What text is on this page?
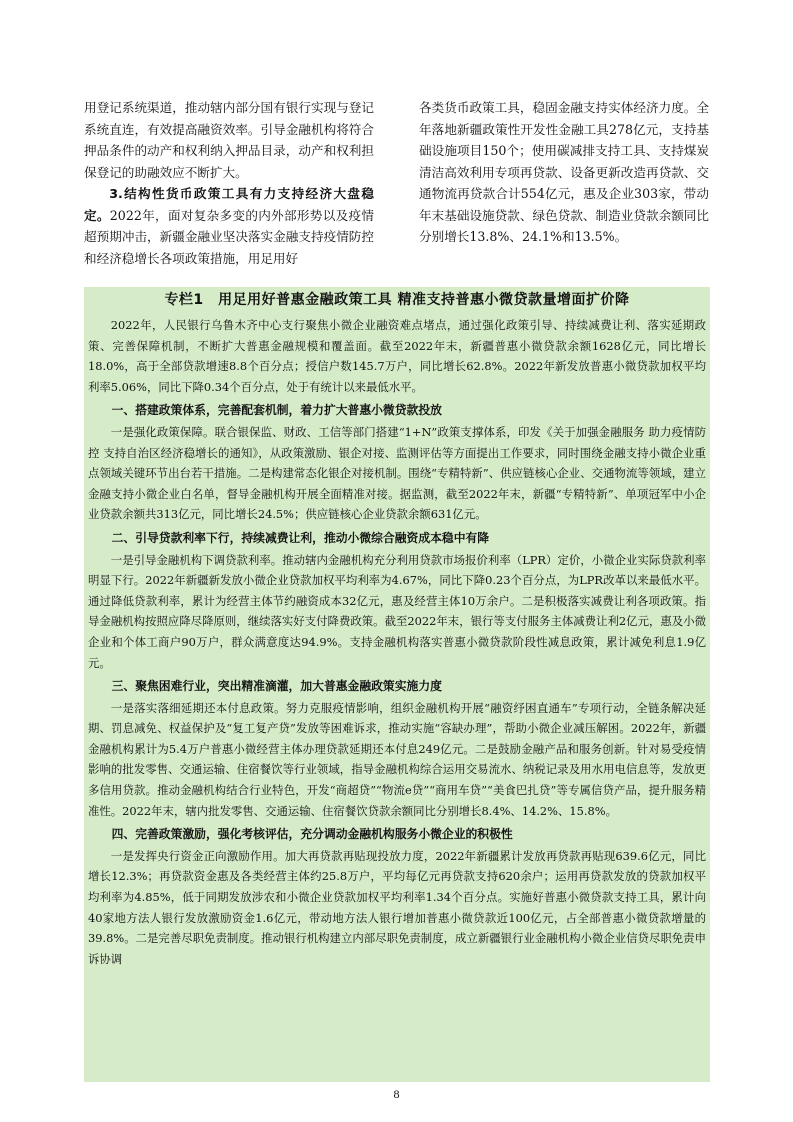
用登记系统渠道，推动辖内部分国有银行实现与登记系统直连，有效提高融资效率。引导金融机构将符合押品条件的动产和权利纳入押品目录，动产和权利担保登记的助融效应不断扩大。

3.结构性货币政策工具有力支持经济大盘稳定。2022年，面对复杂多变的内外部形势以及疫情超预期冲击，新疆金融业坚决落实金融支持疫情防控和经济稳增长各项政策措施，用足用好

各类货币政策工具，稳固金融支持实体经济力度。全年落地新疆政策性开发性金融工具278亿元，支持基础设施项目150个；使用碳减排支持工具、支持煤炭清洁高效利用专项再贷款、设备更新改造再贷款、交通物流再贷款合计554亿元，惠及企业303家，带动年末基础设施贷款、绿色贷款、制造业贷款余额同比分别增长13.8%、24.1%和13.5%。

专栏1　用足用好普惠金融政策工具 精准支持普惠小微贷款量增面扩价降

2022年，人民银行乌鲁木齐中心支行聚焦小微企业融资难点堵点，通过强化政策引导、持续减费让利、落实延期政策、完善保障机制，不断扩大普惠金融规模和覆盖面。截至2022年末，新疆普惠小微贷款余额1628亿元，同比增长18.0%，高于全部贷款增速8.8个百分点；授信户数145.7万户，同比增长62.8%。2022年新发放普惠小微贷款加权平均利率5.06%，同比下降0.34个百分点，处于有统计以来最低水平。

一、搭建政策体系，完善配套机制，着力扩大普惠小微贷款投放

一是强化政策保障。联合银保监、财政、工信等部门搭建“1+N”政策支撑体系，印发《关于加强金融服务 助力疫情防控 支持自治区经济稳增长的通知》，从政策激励、银企对接、监测评估等方面提出工作要求，同时围绕金融支持小微企业重点领域关键环节出台若干措施。二是构建常态化银企对接机制。围绕“专精特新”、供应链核心企业、交通物流等领域，建立金融支持小微企业白名单，督导金融机构开展全面精准对接。据监测，截至2022年末，新疆“专精特新”、单项冠军中小企业贷款余额共313亿元，同比增长24.5%；供应链核心企业贷款余额631亿元。

二、引导贷款利率下行，持续减费让利，推动小微综合融资成本稳中有降

一是引导金融机构下调贷款利率。推动辖内金融机构充分利用贷款市场报价利率（LPR）定价，小微企业实际贷款利率明显下行。2022年新疆新发放小微企业贷款加权平均利率为4.67%，同比下降0.23个百分点，为LPR改革以来最低水平。通过降低贷款利率，累计为经营主体节约融资成本32亿元，惠及经营主体10万余户。二是积极落实减费让利各项政策。指导金融机构按照应降尽降原则，继续落实好支付降费政策。截至2022年末，银行等支付服务主体减费让利2亿元，惠及小微企业和个体工商户90万户，群众满意度达94.9%。支持金融机构落实普惠小微贷款阶段性减息政策，累计减免利息1.9亿元。

三、聚焦困难行业，突出精准滴灌，加大普惠金融政策实施力度

一是落实落细延期还本付息政策。努力克服疫情影响，组织金融机构开展“融资纾困直通车”专项行动，全链条解决延期、罚息减免、权益保护及“复工复产贷”发放等困难诉求，推动实施“容缺办理”，帮助小微企业减压解困。2022年，新疆金融机构累计为5.4万户普惠小微经营主体办理贷款延期还本付息249亿元。二是鼓励金融产品和服务创新。针对易受疫情影响的批发零售、交通运输、住宿餐饮等行业领域，指导金融机构综合运用交易流水、纳税记录及用水用电信息等，发放更多信用贷款。推动金融机构结合行业特色，开发“商超贷”“物流e贷”“商用车贷”“美食巴扎贷”等专属信贷产品，提升服务精准性。2022年末，辖内批发零售、交通运输、住宿餐饮贷款余额同比分别增长8.4%、14.2%、15.8%。

四、完善政策激励，强化考核评估，充分调动金融机构服务小微企业的积极性

一是发挥央行资金正向激励作用。加大再贷款再贴现投放力度，2022年新疆累计发放再贷款再贴现639.6亿元，同比增长12.3%；再贷款资金惠及各类经营主体约25.8万户，平均每亿元再贷款支持620余户；运用再贷款发放的贷款加权平均利率为4.85%，低于同期发放涉农和小微企业贷款加权平均利率1.34个百分点。实施好普惠小微贷款支持工具，累计向40家地方法人银行发放激励资金1.6亿元，带动地方法人银行增加普惠小微贷款近100亿元，占全部普惠小微贷款增量的39.8%。二是完善尽职免责制度。推动银行机构建立内部尽职免责制度，成立新疆银行业金融机构小微企业信贷尽职免责申诉协调

8
